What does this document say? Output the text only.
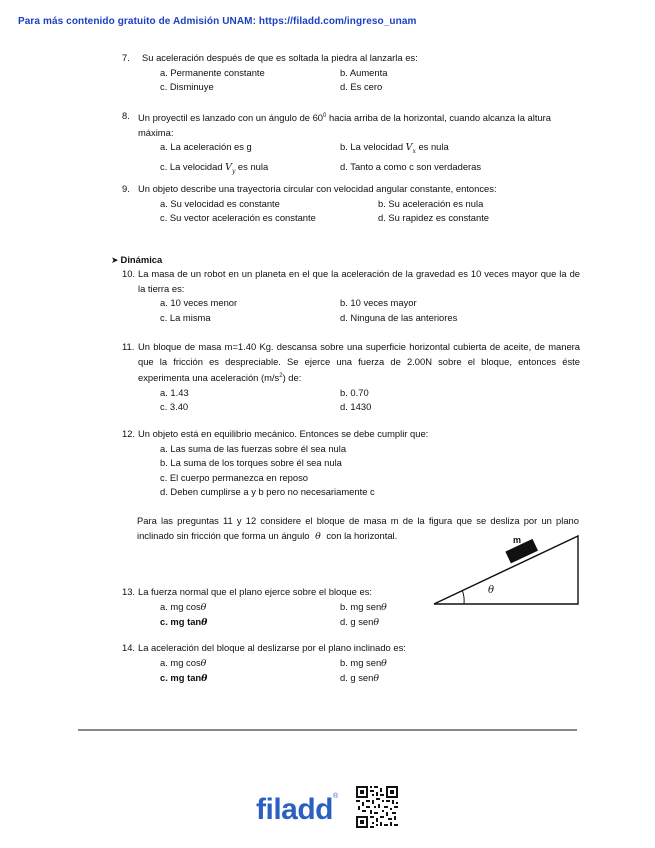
Para más contenido gratuito de Admisión UNAM: https://filadd.com/ingreso_unam
7.	Su aceleración después de que es soltada la piedra al lanzarla es:
a. Permanente constante	b. Aumenta
c. Disminuye	d. Es cero
8. Un proyectil es lanzado con un ángulo de $60^0$ hacia arriba de la horizontal, cuando alcanza la altura máxima:
a. La aceleración es g	b. La velocidad $V_x$ es nula
c. La velocidad $V_y$ es nula	d. Tanto a como c son verdaderas
9. Un objeto describe una trayectoria circular con velocidad angular constante, entonces:
a. Su velocidad es constante	b. Su aceleración es nula
c. Su vector aceleración es constante	d. Su rapidez es constante
➤ Dinámica
10. La masa de un robot en un planeta en el que la aceleración de la gravedad es 10 veces mayor que la de la tierra es:
a. 10 veces menor	b. 10 veces mayor
c. La misma	d. Ninguna de las anteriores
11. Un bloque de masa m=1.40 Kg. descansa sobre una superficie horizontal cubierta de aceite, de manera que la fricción es despreciable. Se ejerce una fuerza de 2.00N sobre el bloque, entonces éste experimenta una aceleración $(m/s^2)$ de:
a. 1.43	b. 0.70
c. 3.40	d. 1430
12. Un objeto está en equilibrio mecánico. Entonces se debe cumplir que:
a. Las suma de las fuerzas sobre él sea nula
b. La suma de los torques sobre él sea nula
c. El cuerpo permanezca en reposo
d. Deben cumplirse a y b pero no necesariamente c
Para las preguntas 11 y 12 considere el bloque de masa m de la figura que se desliza por un plano inclinado sin fricción que forma un ángulo θ con la horizontal.	m
θ
13. La fuerza normal que el plano ejerce sobre el bloque es:
a. mg cosθ	b. mg senθ
c. mg tanθ	d. g senθ
14. La aceleración del bloque al deslizarse por el plano inclinado es:
a. mg cosθ	b. mg senθ
c. mg tanθ	d. g senθ
filadd®
